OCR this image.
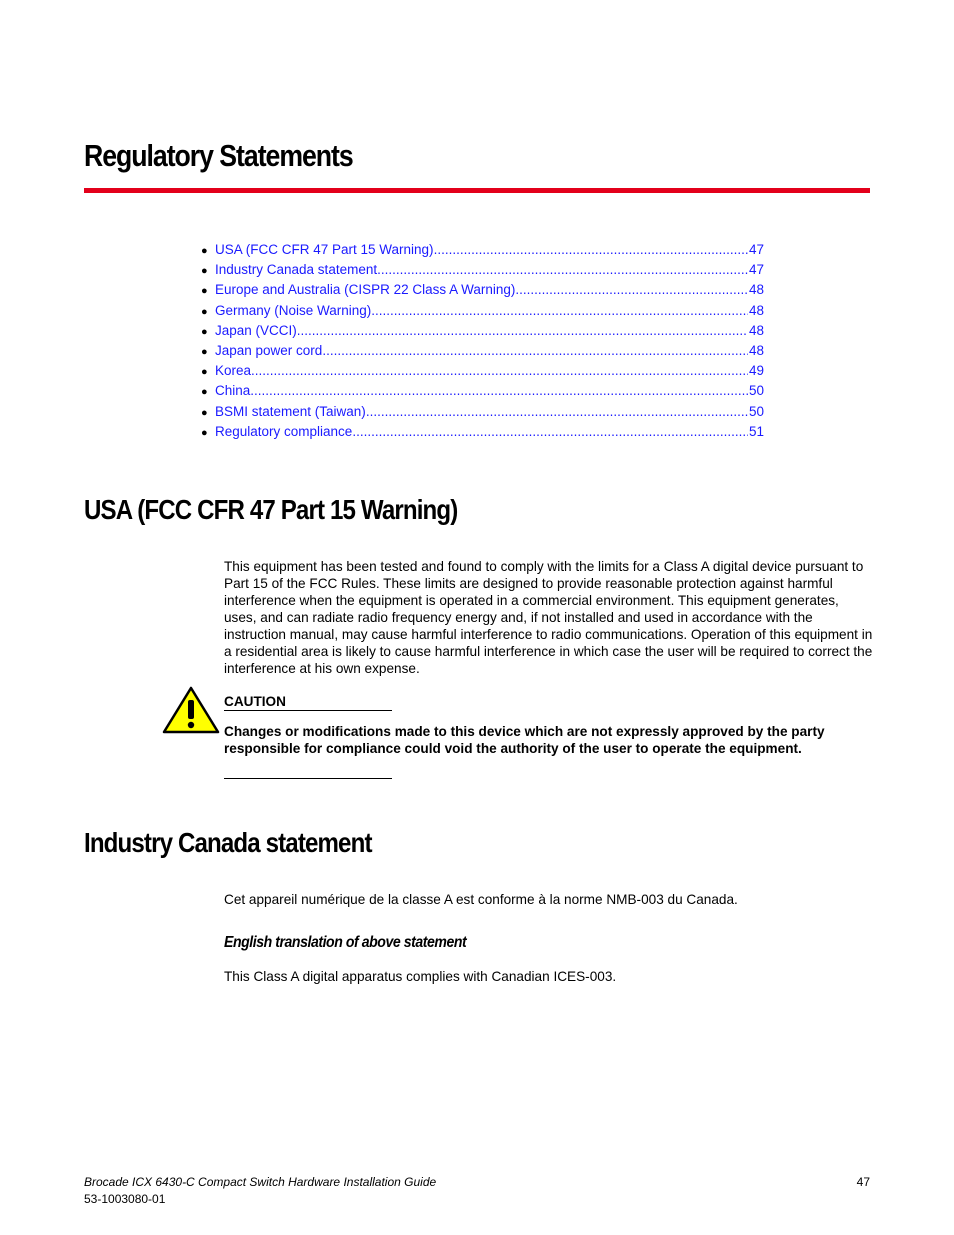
Regulatory Statements
● USA (FCC CFR 47 Part 15 Warning) .....	47
● Industry Canada statement .....	47
● Europe and Australia (CISPR 22 Class A Warning) .....	48
● Germany (Noise Warning) .....	48
● Japan (VCCI) .....	48
● Japan power cord .....	48
● Korea .....	49
● China .....	50
● BSMI statement (Taiwan) .....	50
● Regulatory compliance .....	51
USA (FCC CFR 47 Part 15 Warning)

This equipment has been tested and found to comply with the limits for a Class A digital device pursuant to Part 15 of the FCC Rules. These limits are designed to provide reasonable protection against harmful interference when the equipment is operated in a commercial environment. This equipment generates, uses, and can radiate radio frequency energy and, if not installed and used in accordance with the instruction manual, may cause harmful interference to radio communications. Operation of this equipment in a residential area is likely to cause harmful interference in which case the user will be required to correct the interference at his own expense.

CAUTION

Changes or modifications made to this device which are not expressly approved by the party responsible for compliance could void the authority of the user to operate the equipment.

Industry Canada statement

Cet appareil numérique de la classe A est conforme à la norme NMB-003 du Canada.

English translation of above statement

This Class A digital apparatus complies with Canadian ICES-003.

Brocade ICX 6430-C Compact Switch Hardware Installation Guide
53-1003080-01

47
